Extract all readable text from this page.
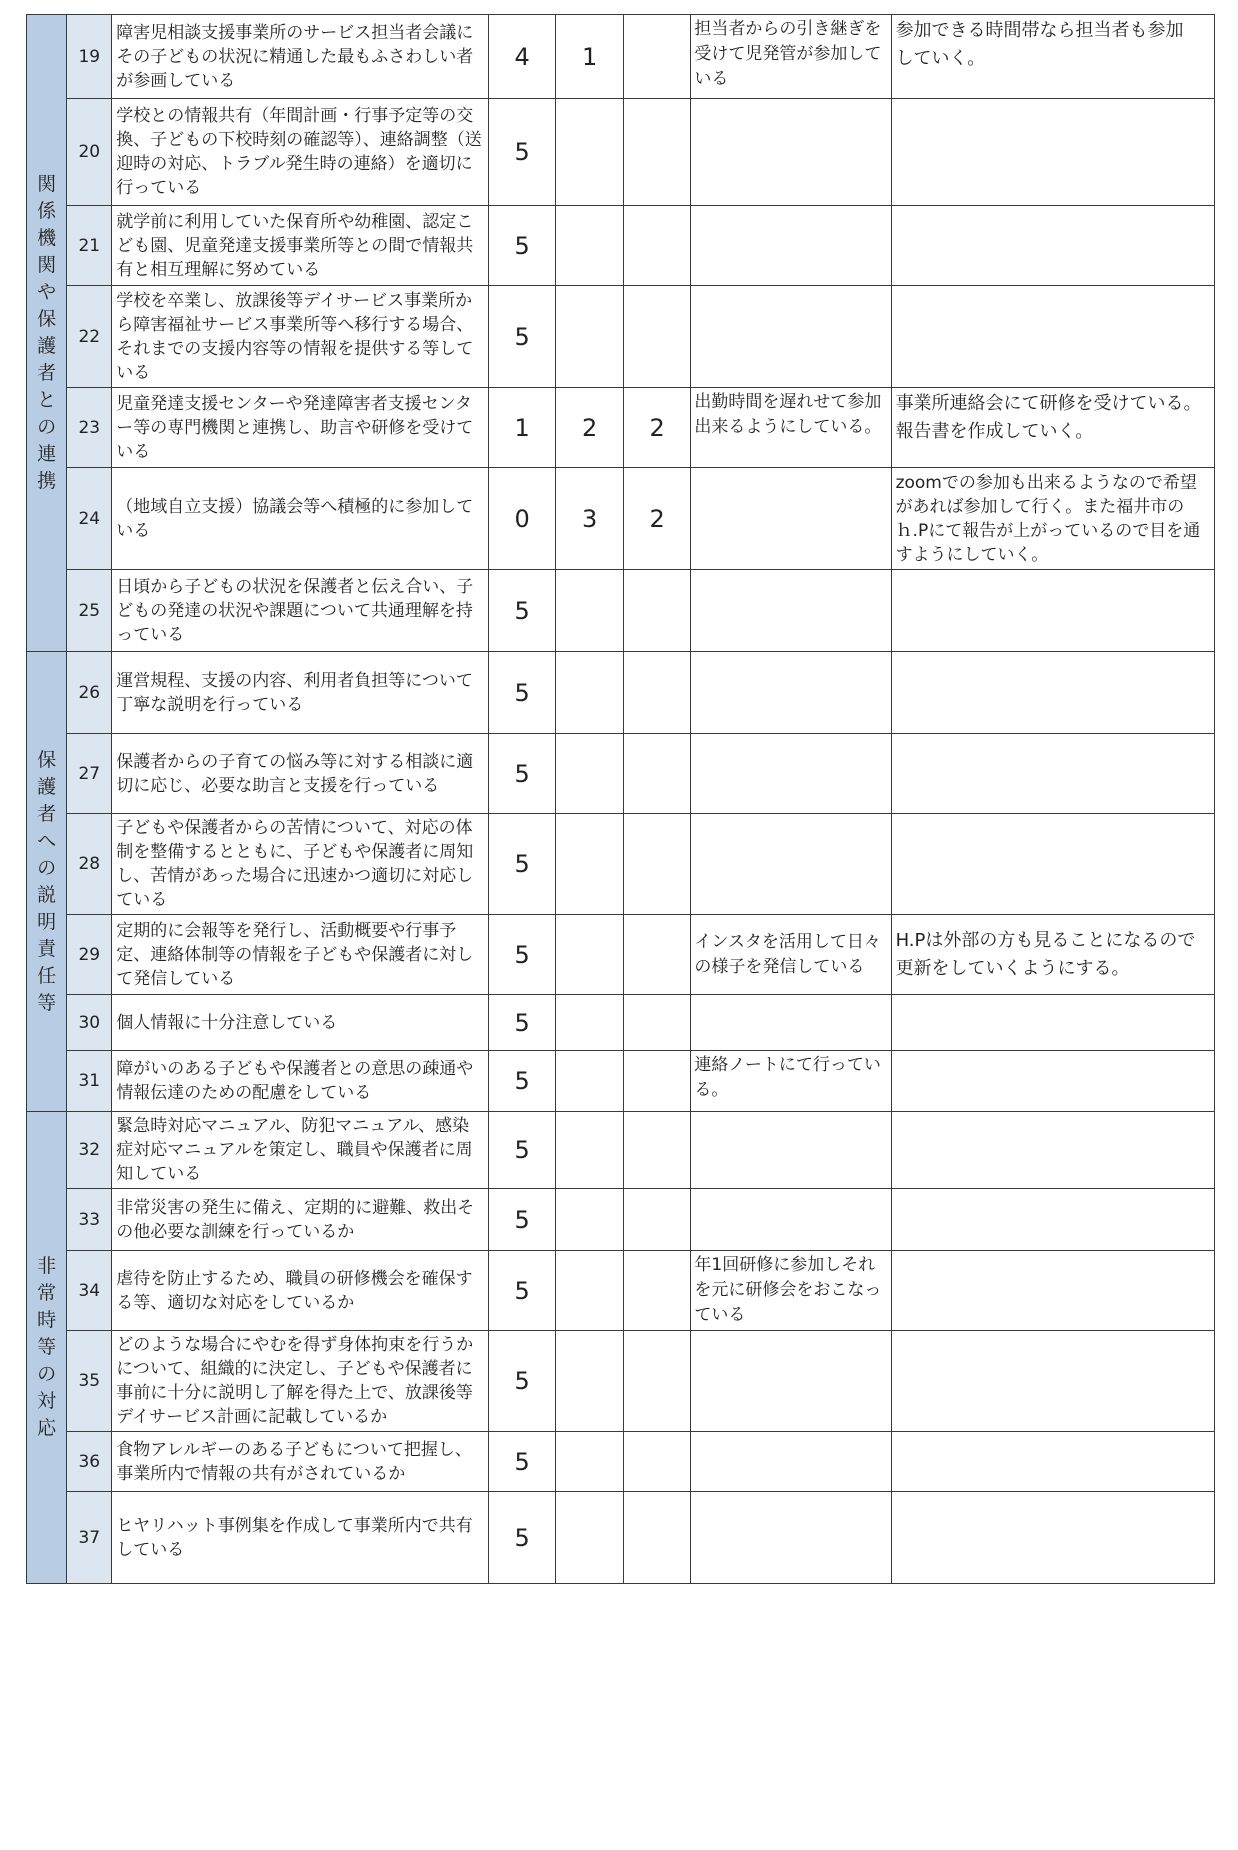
関係機関や保護者との連携	19	障害児相談支援事業所のサービス担当者会議にその子どもの状況に精通した最もふさわしい者が参画している	4	1		担当者からの引き継ぎを受けて児発管が参加している	参加できる時間帯なら担当者も参加
していく。
	20	学校との情報共有（年間計画・行事予定等の交換、子どもの下校時刻の確認等）、連絡調整（送迎時の対応、トラブル発生時の連絡）を適切に行っている	5				
	21	就学前に利用していた保育所や幼稚園、認定こども園、児童発達支援事業所等との間で情報共有と相互理解に努めている	5				
	22	学校を卒業し、放課後等デイサービス事業所から障害福祉サービス事業所等へ移行する場合、それまでの支援内容等の情報を提供する等している	5				
	23	児童発達支援センターや発達障害者支援センター等の専門機関と連携し、助言や研修を受けている	1	2	2	出勤時間を遅れせて参加出来るようにしている。	事業所連絡会にて研修を受けている。
報告書を作成していく。
	24	（地域自立支援）協議会等へ積極的に参加している	0	3	2		zoomでの参加も出来るようなので希望があれば参加して行く。また福井市のｈ.Pにて報告が上がっているので目を通すようにしていく。
	25	日頃から子どもの状況を保護者と伝え合い、子どもの発達の状況や課題について共通理解を持っている	5				
保護者への説明責任等	26	運営規程、支援の内容、利用者負担等について丁寧な説明を行っている	5				
	27	保護者からの子育ての悩み等に対する相談に適切に応じ、必要な助言と支援を行っている	5				
	28	子どもや保護者からの苦情について、対応の体制を整備するとともに、子どもや保護者に周知し、苦情があった場合に迅速かつ適切に対応している	5				
	29	定期的に会報等を発行し、活動概要や行事予定、連絡体制等の情報を子どもや保護者に対して発信している	5			インスタを活用して日々の様子を発信している	H.Pは外部の方も見ることになるので更新をしていくようにする。
	30	個人情報に十分注意している	5				
	31	障がいのある子どもや保護者との意思の疎通や情報伝達のための配慮をしている	5			連絡ノートにて行っている。	
非常時等の対応	32	緊急時対応マニュアル、防犯マニュアル、感染症対応マニュアルを策定し、職員や保護者に周知している	5				
	33	非常災害の発生に備え、定期的に避難、救出その他必要な訓練を行っているか	5				
	34	虐待を防止するため、職員の研修機会を確保する等、適切な対応をしているか	5			年1回研修に参加しそれを元に研修会をおこなっている	
	35	どのような場合にやむを得ず身体拘束を行うかについて、組織的に決定し、子どもや保護者に事前に十分に説明し了解を得た上で、放課後等デイサービス計画に記載しているか	5				
	36	食物アレルギーのある子どもについて把握し、事業所内で情報の共有がされているか	5				
	37	ヒヤリハット事例集を作成して事業所内で共有している	5				
